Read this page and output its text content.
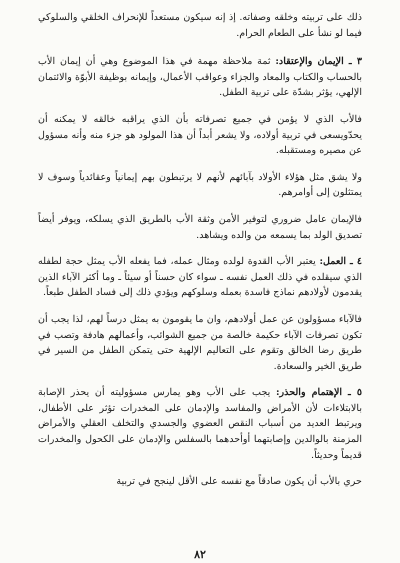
ذلك على تربيته وخلقه وصفاته. إذ إنه سيكون مستعداً للإنحراف الخلقي والسلوكي فيما لو نشأ على الطعام الحرام.

٣ ـ الإيمان والإعتقاد: ثمة ملاحظة مهمة في هذا الموضوع وهي أن إيمان الأب بالحساب والكتاب والمعاد والجزاء وعواقب الأعمال، وإيمانه بوظيفة الأبوّة والائتمان الإلهي، يؤثر بشدّة على تربية الطفل.

فالأب الذي لا يؤمن في جميع تصرفاته بأن الذي يراقبه خالقه لا يمكنه أن يحدّويسعى في تربية أولاده، ولا يشعر أبداً أن هذا المولود هو جزء منه وأنه مسؤول عن مصيره ومستقبله.

ولا يشق مثل هؤلاء الأولاد بآبائهم لأنهم لا يرتبطون بهم إيمانياً وعقائدياً وسوف لا يمتثلون إلى أوامرهم.

فالإيمان عامل ضروري لتوفير الأمن وثقة الأب بالطريق الذي يسلكه، ويوفر أيضاً تصديق الولد بما يسمعه من والده ويشاهد.

٤ ـ العمل: يعتبر الأب القدوة لولده ومثال عمله، فما يفعله الأب يمثل حجة لطفله الذي سيقلده في ذلك العمل نفسه ـ سواء كان حسناً أو سيئاً ـ وما أكثر الآباء الذين يقدمون لأولادهم نماذج فاسدة بعمله وسلوكهم ويؤدي ذلك إلى فساد الطفل طبعاً.

فالآباء مسؤولون عن عمل أولادهم، وان ما يقومون به يمثل درساً لهم، لذا يجب أن تكون تصرفات الآباء حكيمة خالصة من جميع الشوائب، وأعمالهم هادفة وتصب في طريق رضا الخالق وتقوم على التعاليم الإلهية حتى يتمكن الطفل من السير في طريق الخير والسعادة.

٥ ـ الإهتمام والحذر: يجب على الأب وهو يمارس مسؤوليته أن يحذر الإصابة بالابتلاءات لأن الأمراض والمفاسد والإدمان على المخدرات تؤثر على الأطفال، ويرتبط العديد من أسباب النقص العضوي والجسدي والتخلف العقلي والأمراض المزمنة بالوالدين وإصابتهما أوأحدهما بالسفلس والإدمان على الكحول والمخدرات قديماً وحديثاً.

حري بالأب أن يكون صادقاً مع نفسه على الأقل لينجح في تربية

٨٢
